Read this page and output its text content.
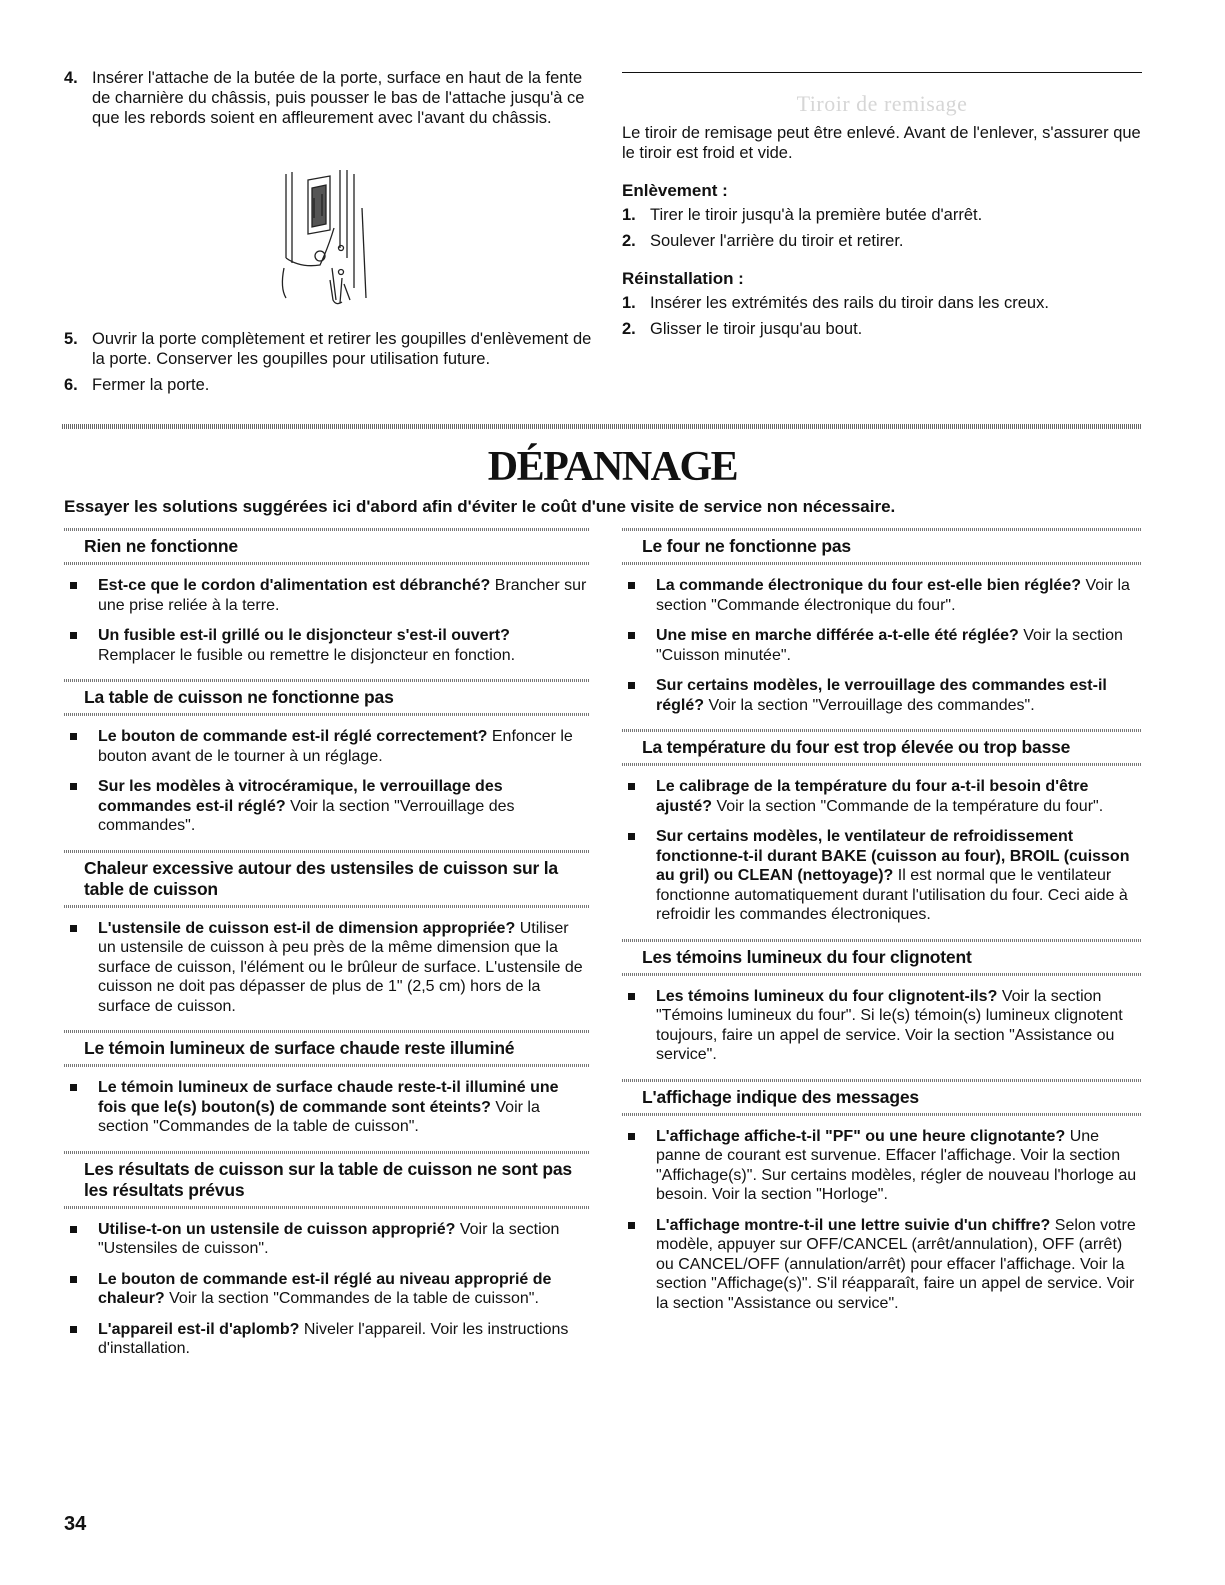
4. Insérer l'attache de la butée de la porte, surface en haut de la fente de charnière du châssis, puis pousser le bas de l'attache jusqu'à ce que les rebords soient en affleurement avec l'avant du châssis.
5. Ouvrir la porte complètement et retirer les goupilles d'enlèvement de la porte. Conserver les goupilles pour utilisation future.
6. Fermer la porte.
Tiroir de remisage

Le tiroir de remisage peut être enlevé. Avant de l'enlever, s'assurer que le tiroir est froid et vide.

Enlèvement :
1. Tirer le tiroir jusqu'à la première butée d'arrêt.
2. Soulever l'arrière du tiroir et retirer.
Réinstallation :
1. Insérer les extrémités des rails du tiroir dans les creux.
2. Glisser le tiroir jusqu'au bout.
DÉPANNAGE
Essayer les solutions suggérées ici d'abord afin d'éviter le coût d'une visite de service non nécessaire.
Rien ne fonctionne
Est-ce que le cordon d'alimentation est débranché? Brancher sur une prise reliée à la terre.
Un fusible est-il grillé ou le disjoncteur s'est-il ouvert? Remplacer le fusible ou remettre le disjoncteur en fonction.
La table de cuisson ne fonctionne pas
Le bouton de commande est-il réglé correctement? Enfoncer le bouton avant de le tourner à un réglage.
Sur les modèles à vitrocéramique, le verrouillage des commandes est-il réglé? Voir la section "Verrouillage des commandes".
Chaleur excessive autour des ustensiles de cuisson sur la table de cuisson
L'ustensile de cuisson est-il de dimension appropriée? Utiliser un ustensile de cuisson à peu près de la même dimension que la surface de cuisson, l'élément ou le brûleur de surface. L'ustensile de cuisson ne doit pas dépasser de plus de 1" (2,5 cm) hors de la surface de cuisson.
Le témoin lumineux de surface chaude reste illuminé
Le témoin lumineux de surface chaude reste-t-il illuminé une fois que le(s) bouton(s) de commande sont éteints? Voir la section "Commandes de la table de cuisson".
Les résultats de cuisson sur la table de cuisson ne sont pas les résultats prévus
Utilise-t-on un ustensile de cuisson approprié? Voir la section "Ustensiles de cuisson".
Le bouton de commande est-il réglé au niveau approprié de chaleur? Voir la section "Commandes de la table de cuisson".
L'appareil est-il d'aplomb? Niveler l'appareil. Voir les instructions d'installation.
Le four ne fonctionne pas
La commande électronique du four est-elle bien réglée? Voir la section "Commande électronique du four".
Une mise en marche différée a-t-elle été réglée? Voir la section "Cuisson minutée".
Sur certains modèles, le verrouillage des commandes est-il réglé? Voir la section "Verrouillage des commandes".
La température du four est trop élevée ou trop basse
Le calibrage de la température du four a-t-il besoin d'être ajusté? Voir la section "Commande de la température du four".
Sur certains modèles, le ventilateur de refroidissement fonctionne-t-il durant BAKE (cuisson au four), BROIL (cuisson au gril) ou CLEAN (nettoyage)? Il est normal que le ventilateur fonctionne automatiquement durant l'utilisation du four. Ceci aide à refroidir les commandes électroniques.
Les témoins lumineux du four clignotent
Les témoins lumineux du four clignotent-ils? Voir la section "Témoins lumineux du four". Si le(s) témoin(s) lumineux clignotent toujours, faire un appel de service. Voir la section "Assistance ou service".
L'affichage indique des messages
L'affichage affiche-t-il "PF" ou une heure clignotante? Une panne de courant est survenue. Effacer l'affichage. Voir la section "Affichage(s)". Sur certains modèles, régler de nouveau l'horloge au besoin. Voir la section "Horloge".
L'affichage montre-t-il une lettre suivie d'un chiffre? Selon votre modèle, appuyer sur OFF/CANCEL (arrêt/annulation), OFF (arrêt) ou CANCEL/OFF (annulation/arrêt) pour effacer l'affichage. Voir la section "Affichage(s)". S'il réapparaît, faire un appel de service. Voir la section "Assistance ou service".
34
